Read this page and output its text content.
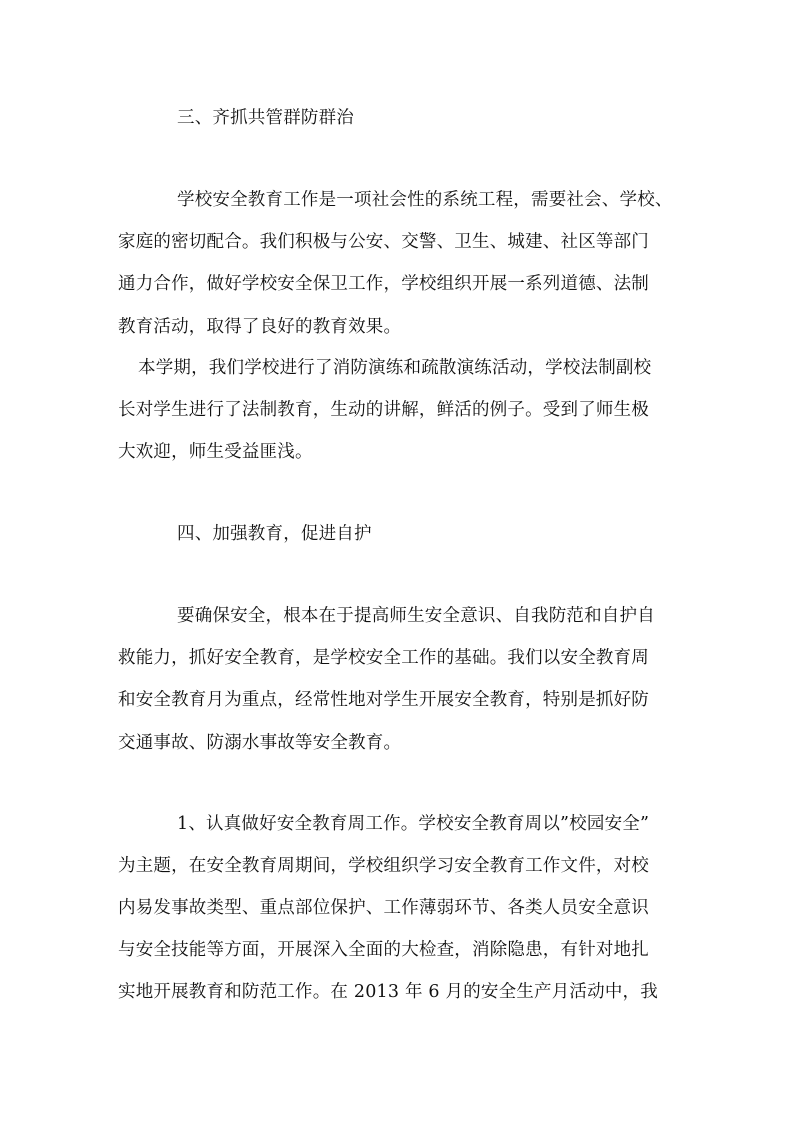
三、齐抓共管群防群治
学校安全教育工作是一项社会性的系统工程，需要社会、学校、
家庭的密切配合。我们积极与公安、交警、卫生、城建、社区等部门
通力合作，做好学校安全保卫工作，学校组织开展一系列道德、法制
教育活动，取得了良好的教育效果。
本学期，我们学校进行了消防演练和疏散演练活动，学校法制副校
长对学生进行了法制教育，生动的讲解，鲜活的例子。受到了师生极
大欢迎，师生受益匪浅。
四、加强教育，促进自护
要确保安全，根本在于提高师生安全意识、自我防范和自护自
救能力，抓好安全教育，是学校安全工作的基础。我们以安全教育周
和安全教育月为重点，经常性地对学生开展安全教育，特别是抓好防
交通事故、防溺水事故等安全教育。
1、认真做好安全教育周工作。学校安全教育周以”校园安全”
为主题，在安全教育周期间，学校组织学习安全教育工作文件，对校
内易发事故类型、重点部位保护、工作薄弱环节、各类人员安全意识
与安全技能等方面，开展深入全面的大检查，消除隐患，有针对地扎
实地开展教育和防范工作。在 2013 年 6 月的安全生产月活动中，我
